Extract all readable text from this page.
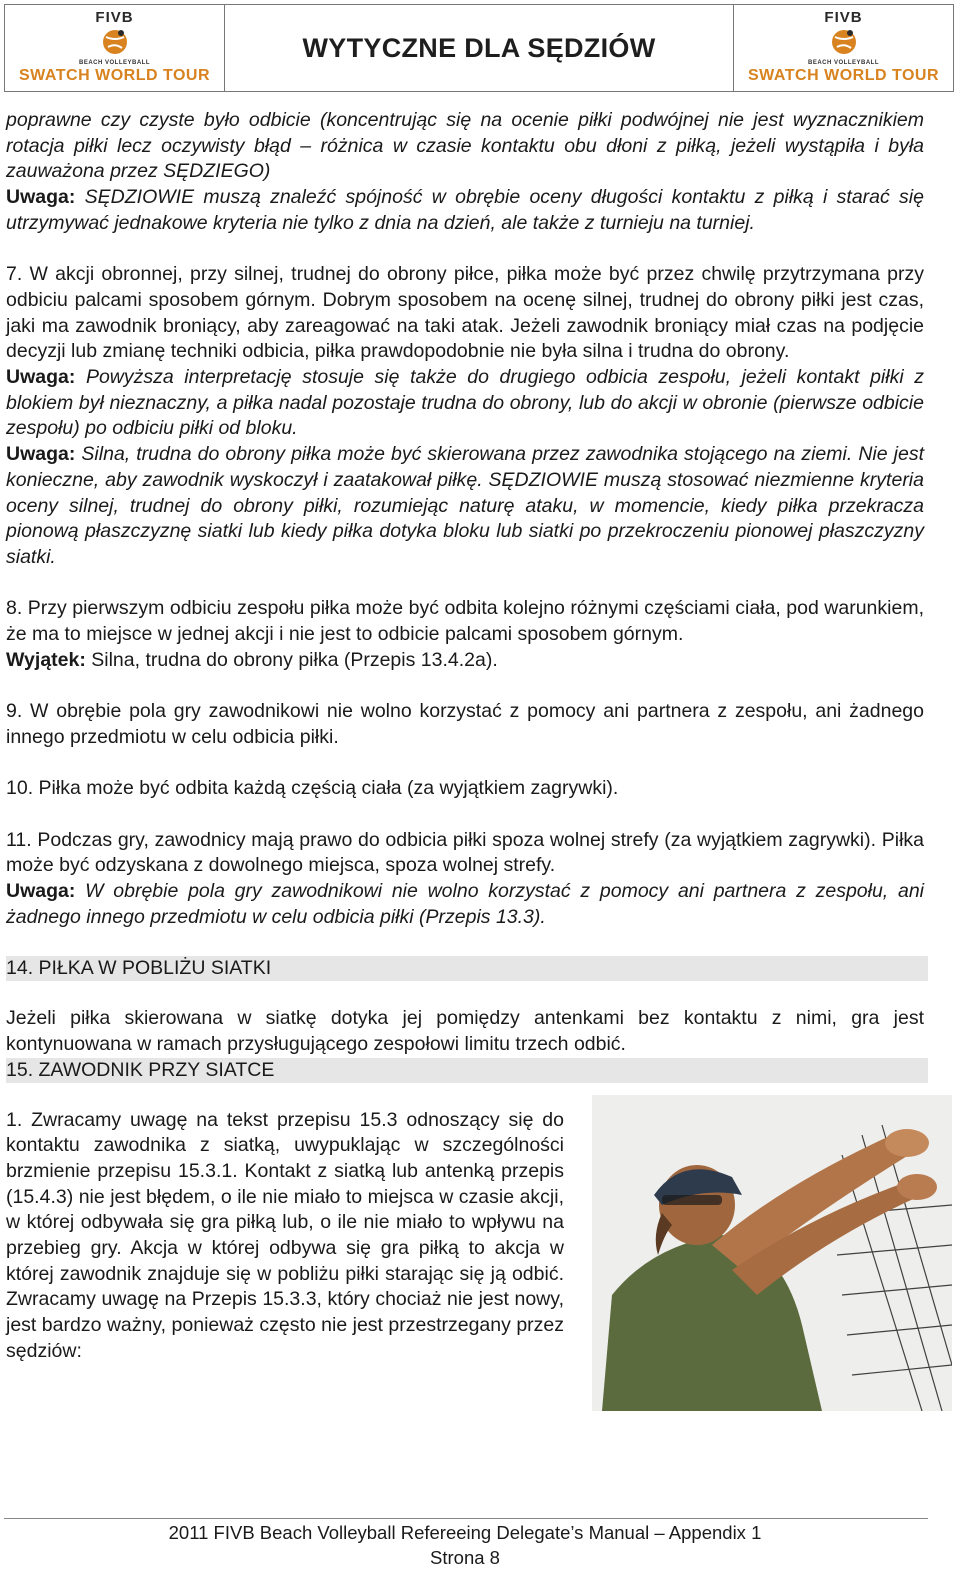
FIVB
BEACH VOLLEYBALL
SWATCH WORLD TOUR
WYTYCZNE DLA SĘDZIÓW
FIVB
BEACH VOLLEYBALL
SWATCH WORLD TOUR

poprawne czy czyste było odbicie (koncentrując się na ocenie piłki podwójnej nie jest wyznacznikiem rotacja piłki lecz oczywisty błąd – różnica w czasie kontaktu obu dłoni z piłką, jeżeli wystąpiła i była zauważona przez SĘDZIEGO)

Uwaga: SĘDZIOWIE muszą znaleźć spójność w obrębie oceny długości kontaktu z piłką i starać się utrzymywać jednakowe kryteria nie tylko z dnia na dzień, ale także z turnieju na turniej.

7. W akcji obronnej, przy silnej, trudnej do obrony piłce, piłka może być przez chwilę przytrzymana przy odbiciu palcami sposobem górnym. Dobrym sposobem na ocenę silnej, trudnej do obrony piłki jest czas, jaki ma zawodnik broniący, aby zareagować na taki atak. Jeżeli zawodnik broniący miał czas na podjęcie decyzji lub zmianę techniki odbicia, piłka prawdopodobnie nie była silna i trudna do obrony.

Uwaga: Powyższa interpretację stosuje się także do drugiego odbicia zespołu, jeżeli kontakt piłki z blokiem był nieznaczny, a piłka nadal pozostaje trudna do obrony, lub do akcji w obronie (pierwsze odbicie zespołu) po odbiciu piłki od bloku.

Uwaga: Silna, trudna do obrony piłka może być skierowana przez zawodnika stojącego na ziemi. Nie jest konieczne, aby zawodnik wyskoczył i zaatakował piłkę. SĘDZIOWIE muszą stosować niezmienne kryteria oceny silnej, trudnej do obrony piłki, rozumiejąc naturę ataku, w momencie, kiedy piłka przekracza pionową płaszczyznę siatki lub kiedy piłka dotyka bloku lub siatki po przekroczeniu pionowej płaszczyzny siatki.

8. Przy pierwszym odbiciu zespołu piłka może być odbita kolejno różnymi częściami ciała, pod warunkiem, że ma to miejsce w jednej akcji i nie jest to odbicie palcami sposobem górnym.

Wyjątek: Silna, trudna do obrony piłka (Przepis 13.4.2a).

9. W obrębie pola gry zawodnikowi nie wolno korzystać z pomocy ani partnera z zespołu, ani żadnego innego przedmiotu w celu odbicia piłki.

10. Piłka może być odbita każdą częścią ciała (za wyjątkiem zagrywki).

11. Podczas gry, zawodnicy mają prawo do odbicia piłki spoza wolnej strefy (za wyjątkiem zagrywki). Piłka może być odzyskana z dowolnego miejsca, spoza wolnej strefy.

Uwaga: W obrębie pola gry zawodnikowi nie wolno korzystać z pomocy ani partnera z zespołu, ani żadnego innego przedmiotu w celu odbicia piłki (Przepis 13.3).

14. PIŁKA W POBLIŻU SIATKI

Jeżeli piłka skierowana w siatkę dotyka jej pomiędzy antenkami bez kontaktu z nimi, gra jest kontynuowana w ramach przysługującego zespołowi limitu trzech odbić.

15. ZAWODNIK PRZY SIATCE

1. Zwracamy uwagę na tekst przepisu 15.3 odnoszący się do kontaktu zawodnika z siatką, uwypuklając w szczególności brzmienie przepisu 15.3.1. Kontakt z siatką lub antenką przepis (15.4.3) nie jest błędem, o ile nie miało to miejsca w czasie akcji, w której odbywała się gra piłką lub, o ile nie miało to wpływu na przebieg gry. Akcja w której odbywa się gra piłką to akcja w której zawodnik znajduje się w pobliżu piłki starając się ją odbić. Zwracamy uwagę na Przepis 15.3.3, który chociaż nie jest nowy, jest bardzo ważny, ponieważ często nie jest przestrzegany przez sędziów:

2011 FIVB Beach Volleyball Refereeing Delegate’s Manual – Appendix 1
Strona 8
